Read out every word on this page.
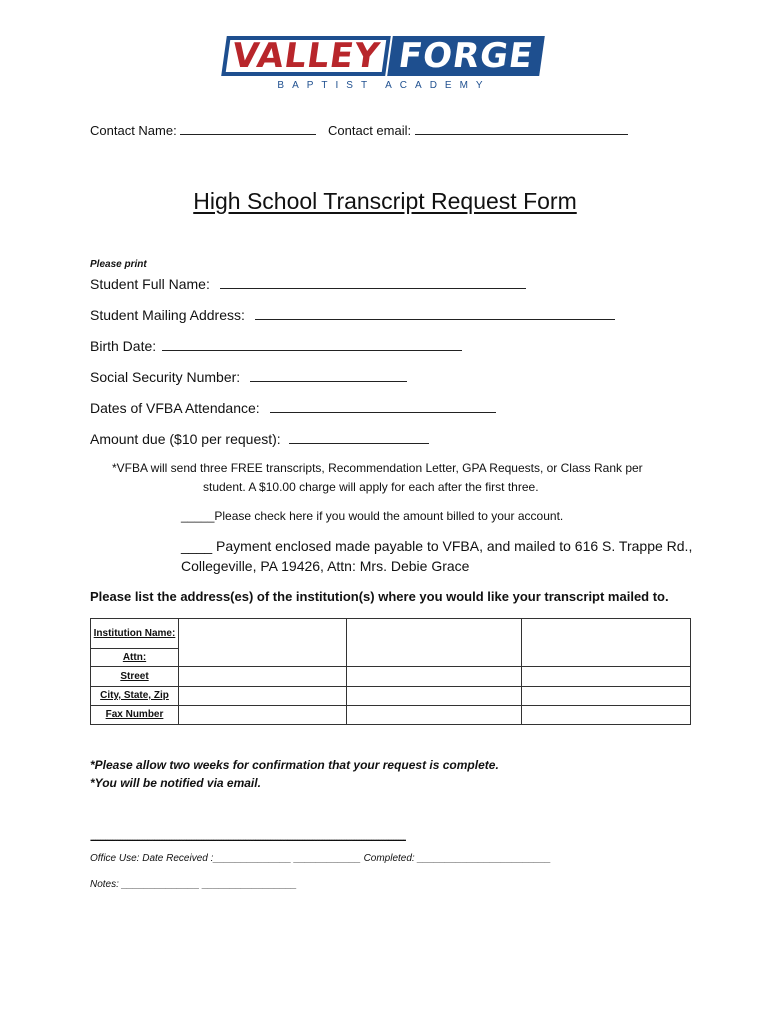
VALLEY FORGE
BAPTIST ACADEMY
Contact Name:	Contact email:
High School Transcript Request Form
Please print
Student Full Name:
Student Mailing Address:
Birth Date:
Social Security Number:
Dates of VFBA Attendance:
Amount due ($10 per request):
*VFBA will send three FREE transcripts, Recommendation Letter, GPA Requests, or Class Rank per
student. A $10.00 charge will apply for each after the first three.
_____Please check here if you would the amount billed to your account.
____ Payment enclosed made payable to VFBA, and mailed to 616 S. Trappe Rd.,
Collegeville, PA 19426, Attn: Mrs. Debie Grace
Please list the address(es) of the institution(s) where you would like your transcript mailed to.
Institution Name:			
Attn:			
Street			
City, State, Zip			
Fax Number			
*Please allow two weeks for confirmation that your request is complete.
*You will be notified via email.
--------------------------------------------------------------------------------------------------------------------------------
Office Use: Date Received :______________ ____________ Completed: ________________________
Notes: ______________ _________________
